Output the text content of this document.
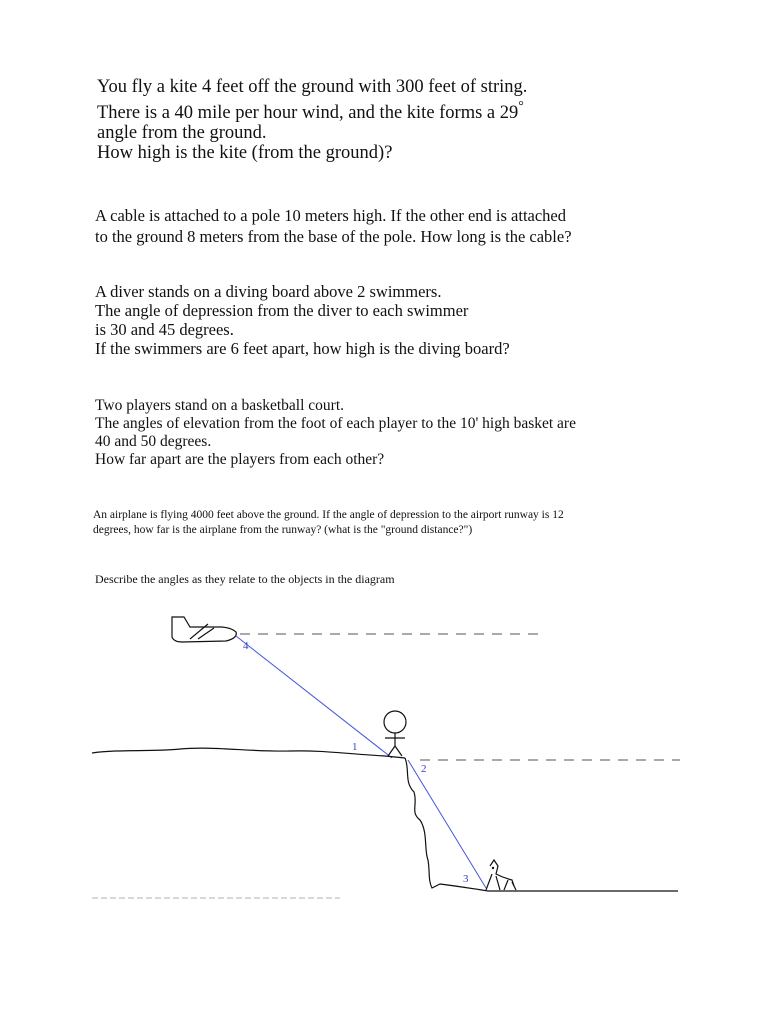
You fly a kite 4 feet off the ground with 300 feet of string.
There is a 40 mile per hour wind, and the kite forms a 29°
angle from the ground.
How high is the kite (from the ground)?
A cable is attached to a pole 10 meters high. If the other end is attached
to the ground 8 meters from the base of the pole. How long is the cable?
A diver stands on a diving board above 2 swimmers.
The angle of depression from the diver to each swimmer
is 30 and 45 degrees.
If the swimmers are 6 feet apart, how high is the diving board?
Two players stand on a basketball court.
The angles of elevation from the foot of each player to the 10' high basket are
40 and 50 degrees.
How far apart are the players from each other?
An airplane is flying 4000 feet above the ground. If the angle of depression to the airport runway is 12
degrees, how far is the airplane from the runway? (what is the "ground distance?")
Describe the angles as they relate to the objects in the diagram
1
2
3
4
